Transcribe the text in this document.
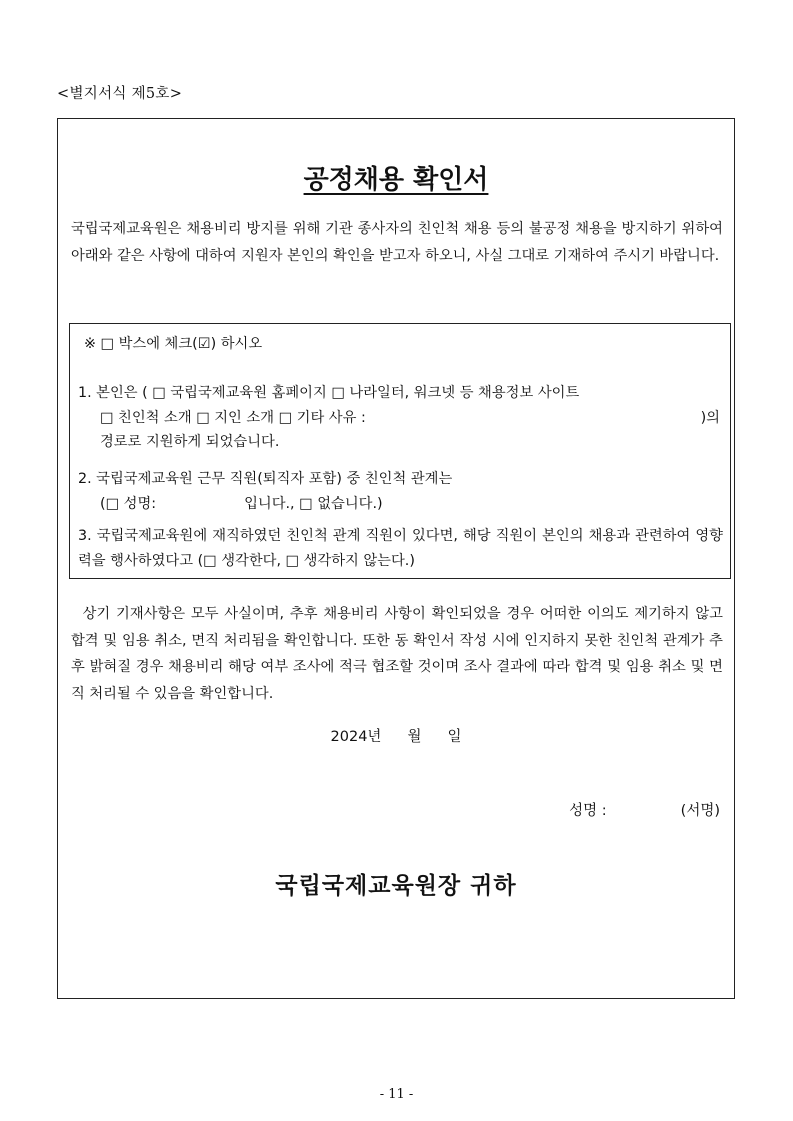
<별지서식 제5호>
공정채용 확인서
국립국제교육원은 채용비리 방지를 위해 기관 종사자의 친인척 채용 등의 불공정 채용을 방지하기 위하여 아래와 같은 사항에 대하여 지원자 본인의 확인을 받고자 하오니, 사실 그대로 기재하여 주시기 바랍니다.
※ □ 박스에 체크(☑) 하시오
1. 본인은 ( □ 국립국제교육원 홈페이지 □ 나라일터, 워크넷 등 채용정보 사이트
□ 친인척 소개 □ 지인 소개 □ 기타 사유 :	)의
경로로 지원하게 되었습니다.
2. 국립국제교육원 근무 직원(퇴직자 포함) 중 친인척 관계는
(□ 성명:	입니다., □ 없습니다.)
3. 국립국제교육원에 재직하였던 친인척 관계 직원이 있다면, 해당 직원이 본인의 채용과 관련하여 영향력을 행사하였다고 (□ 생각한다, □ 생각하지 않는다.)
상기 기재사항은 모두 사실이며, 추후 채용비리 사항이 확인되었을 경우 어떠한 이의도 제기하지 않고 합격 및 임용 취소, 면직 처리됨을 확인합니다. 또한 동 확인서 작성 시에 인지하지 못한 친인척 관계가 추후 밝혀질 경우 채용비리 해당 여부 조사에 적극 협조할 것이며 조사 결과에 따라 합격 및 임용 취소 및 면직 처리될 수 있음을 확인합니다.
2024년 월 일
성명 :	(서명)
국립국제교육원장 귀하
- 11 -
